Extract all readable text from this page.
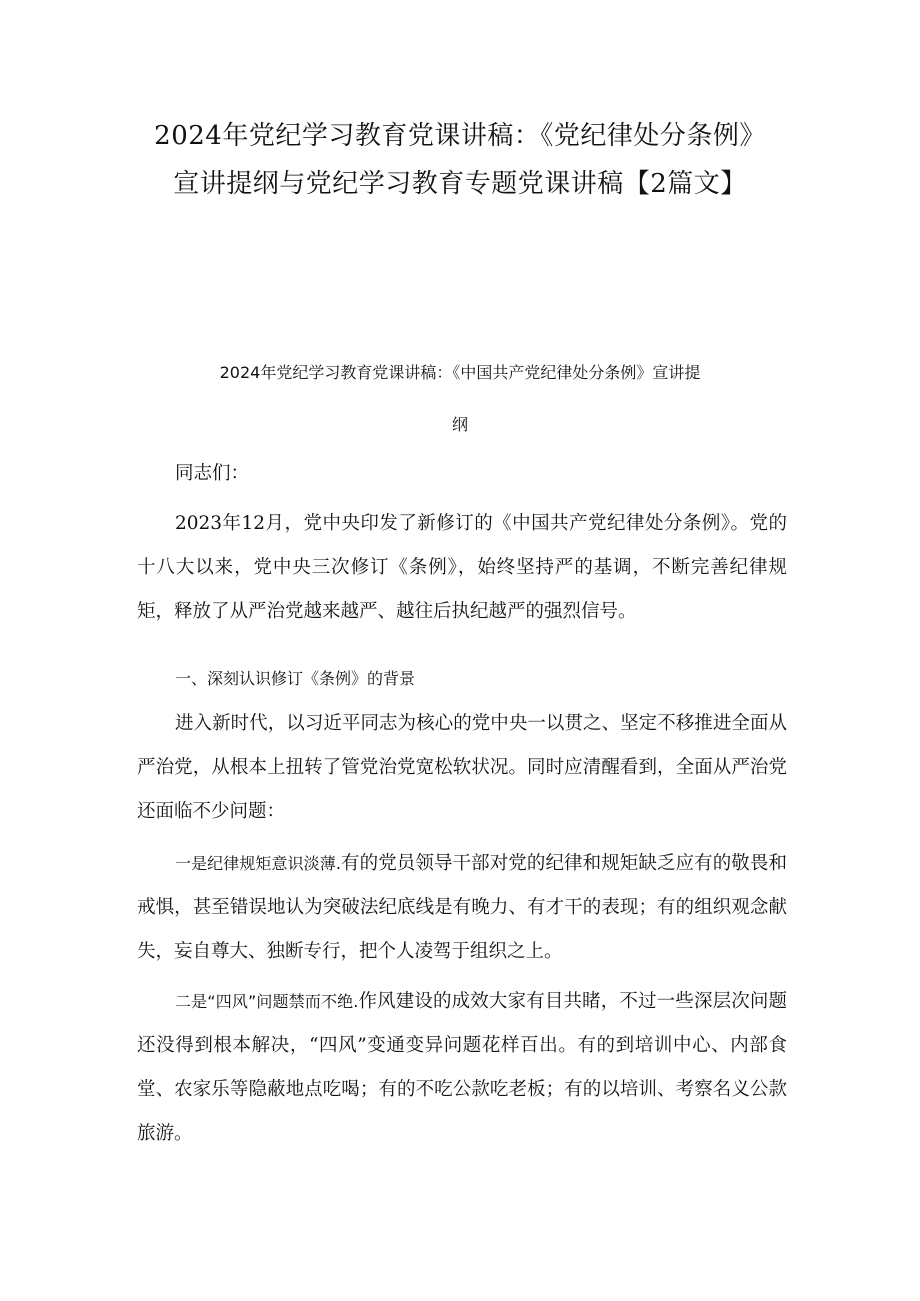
2024年党纪学习教育党课讲稿：《党纪律处分条例》
宣讲提纲与党纪学习教育专题党课讲稿【2篇文】
2024年党纪学习教育党课讲稿：《中国共产党纪律处分条例》宣讲提
纲

同志们：

2023年12月，党中央印发了新修订的《中国共产党纪律处分条例》。党的十八大以来，党中央三次修订《条例》，始终坚持严的基调，不断完善纪律规矩，释放了从严治党越来越严、越往后执纪越严的强烈信号。

一、深刻认识修订《条例》的背景

进入新时代，以习近平同志为核心的党中央一以贯之、坚定不移推进全面从严治党，从根本上扭转了管党治党宽松软状况。同时应清醒看到，全面从严治党还面临不少问题：

一是纪律规矩意识淡薄.有的党员领导干部对党的纪律和规矩缺乏应有的敬畏和戒惧，甚至错误地认为突破法纪底线是有晚力、有才干的表现；有的组织观念献失，妄自尊大、独断专行，把个人凌驾于组织之上。

二是“四风”问题禁而不绝.作风建设的成效大家有目共睹，不过一些深层次问题还没得到根本解决，“四风”变通变异问题花样百出。有的到培训中心、内部食堂、农家乐等隐蔽地点吃喝；有的不吃公款吃老板；有的以培训、考察名义公款旅游。
